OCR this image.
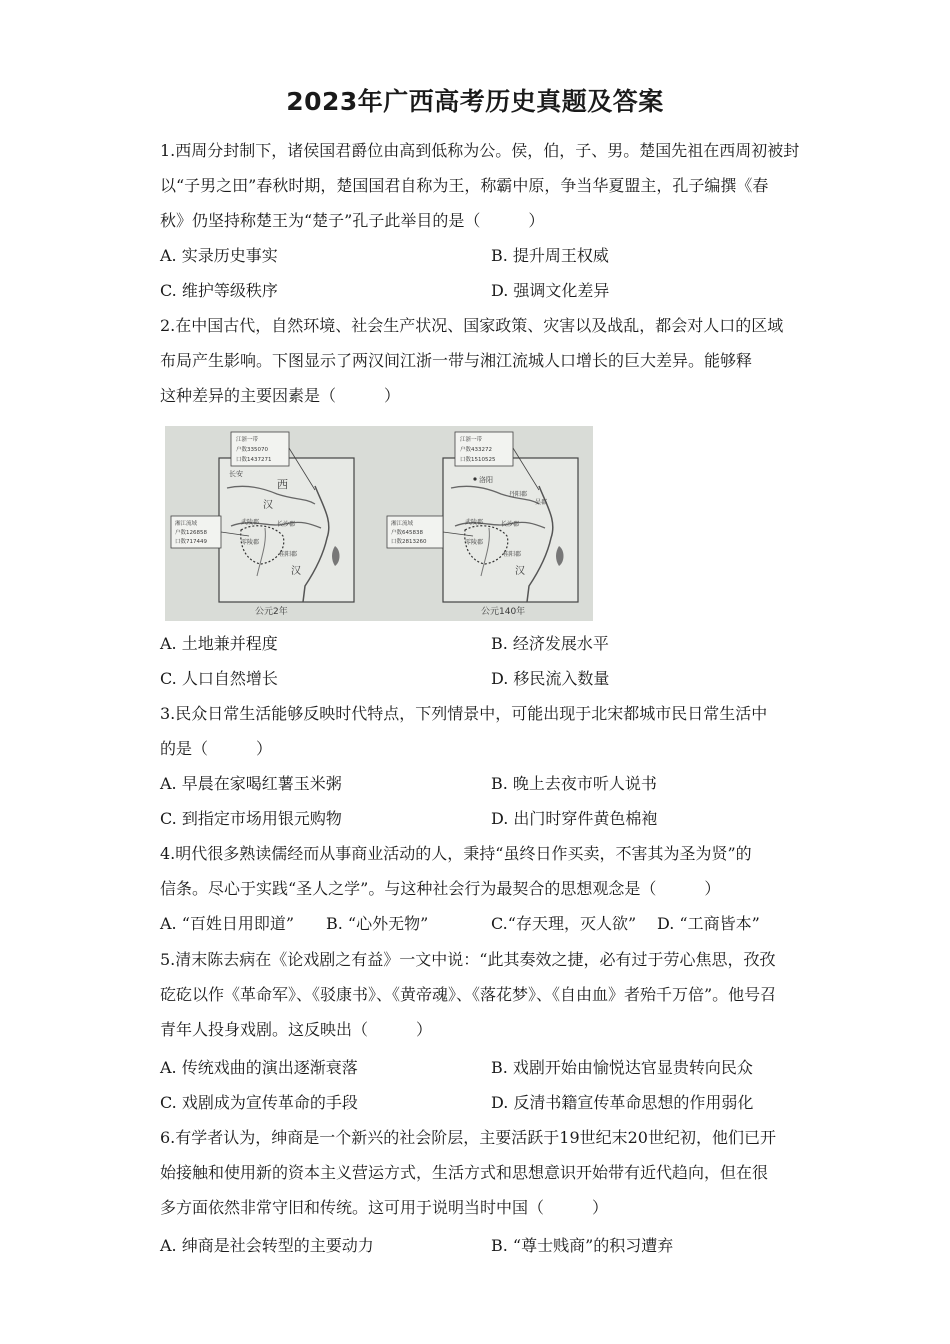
2023年广西高考历史真题及答案
1.西周分封制下，诸侯国君爵位由高到低称为公。侯，伯，子、男。楚国先祖在西周初被封
以“子男之田”春秋时期，楚国国君自称为王，称霸中原，争当华夏盟主，孔子编撰《春
秋》仍坚持称楚王为“楚子”孔子此举目的是（　　　）
A. 实录历史事实	B. 提升周王权威
C. 维护等级秩序	D. 强调文化差异
2.在中国古代，自然环境、社会生产状况、国家政策、灾害以及战乱，都会对人口的区域
布局产生影响。下图显示了两汉间江浙一带与湘江流城人口增长的巨大差异。能够释
这种差异的主要因素是（　　　）
长安
西
汉
武陵郡	长沙郡
零陵郡
桂阳郡
汉
江浙一带
户数335070
口数1437271
湘江流域
户数126858
口数717449
公元2年
洛阳
丹阳郡
吴郡
武陵郡	长沙郡
零陵郡
桂阳郡
汉
江浙一带
户数433272
口数1510525
湘江流域
户数645838
口数2813260
公元140年
A. 土地兼并程度	B. 经济发展水平
C. 人口自然增长	D. 移民流入数量
3.民众日常生活能够反映时代特点，下列情景中，可能出现于北宋都城市民日常生活中
的是（　　　）
A. 早晨在家喝红薯玉米粥	B. 晚上去夜市听人说书
C. 到指定市场用银元购物	D. 出门时穿件黄色棉袍
4.明代很多熟读儒经而从事商业活动的人，秉持“虽终日作买卖，不害其为圣为贤”的
信条。尽心于实践“圣人之学”。与这种社会行为最契合的思想观念是（　　　）
A. “百姓日用即道” B. “心外无物”	C.“存天理，灭人欲” D. “工商皆本”
5.清末陈去病在《论戏剧之有益》一文中说：“此其奏效之捷，必有过于劳心焦思，孜孜
矻矻以作《革命军》、《驳康书》、《黄帝魂》、《落花梦》、《自由血》者殆千万倍”。他号召
青年人投身戏剧。这反映出（　　　）
A. 传统戏曲的演出逐渐衰落	B. 戏剧开始由愉悦达官显贵转向民众
C. 戏剧成为宣传革命的手段	D. 反清书籍宣传革命思想的作用弱化
6.有学者认为，绅商是一个新兴的社会阶层，主要活跃于19世纪末20世纪初，他们已开
始接触和使用新的资本主义营运方式，生活方式和思想意识开始带有近代趋向，但在很
多方面依然非常守旧和传统。这可用于说明当时中国（　　　）
A. 绅商是社会转型的主要动力	B. “尊士贱商”的积习遭弃
